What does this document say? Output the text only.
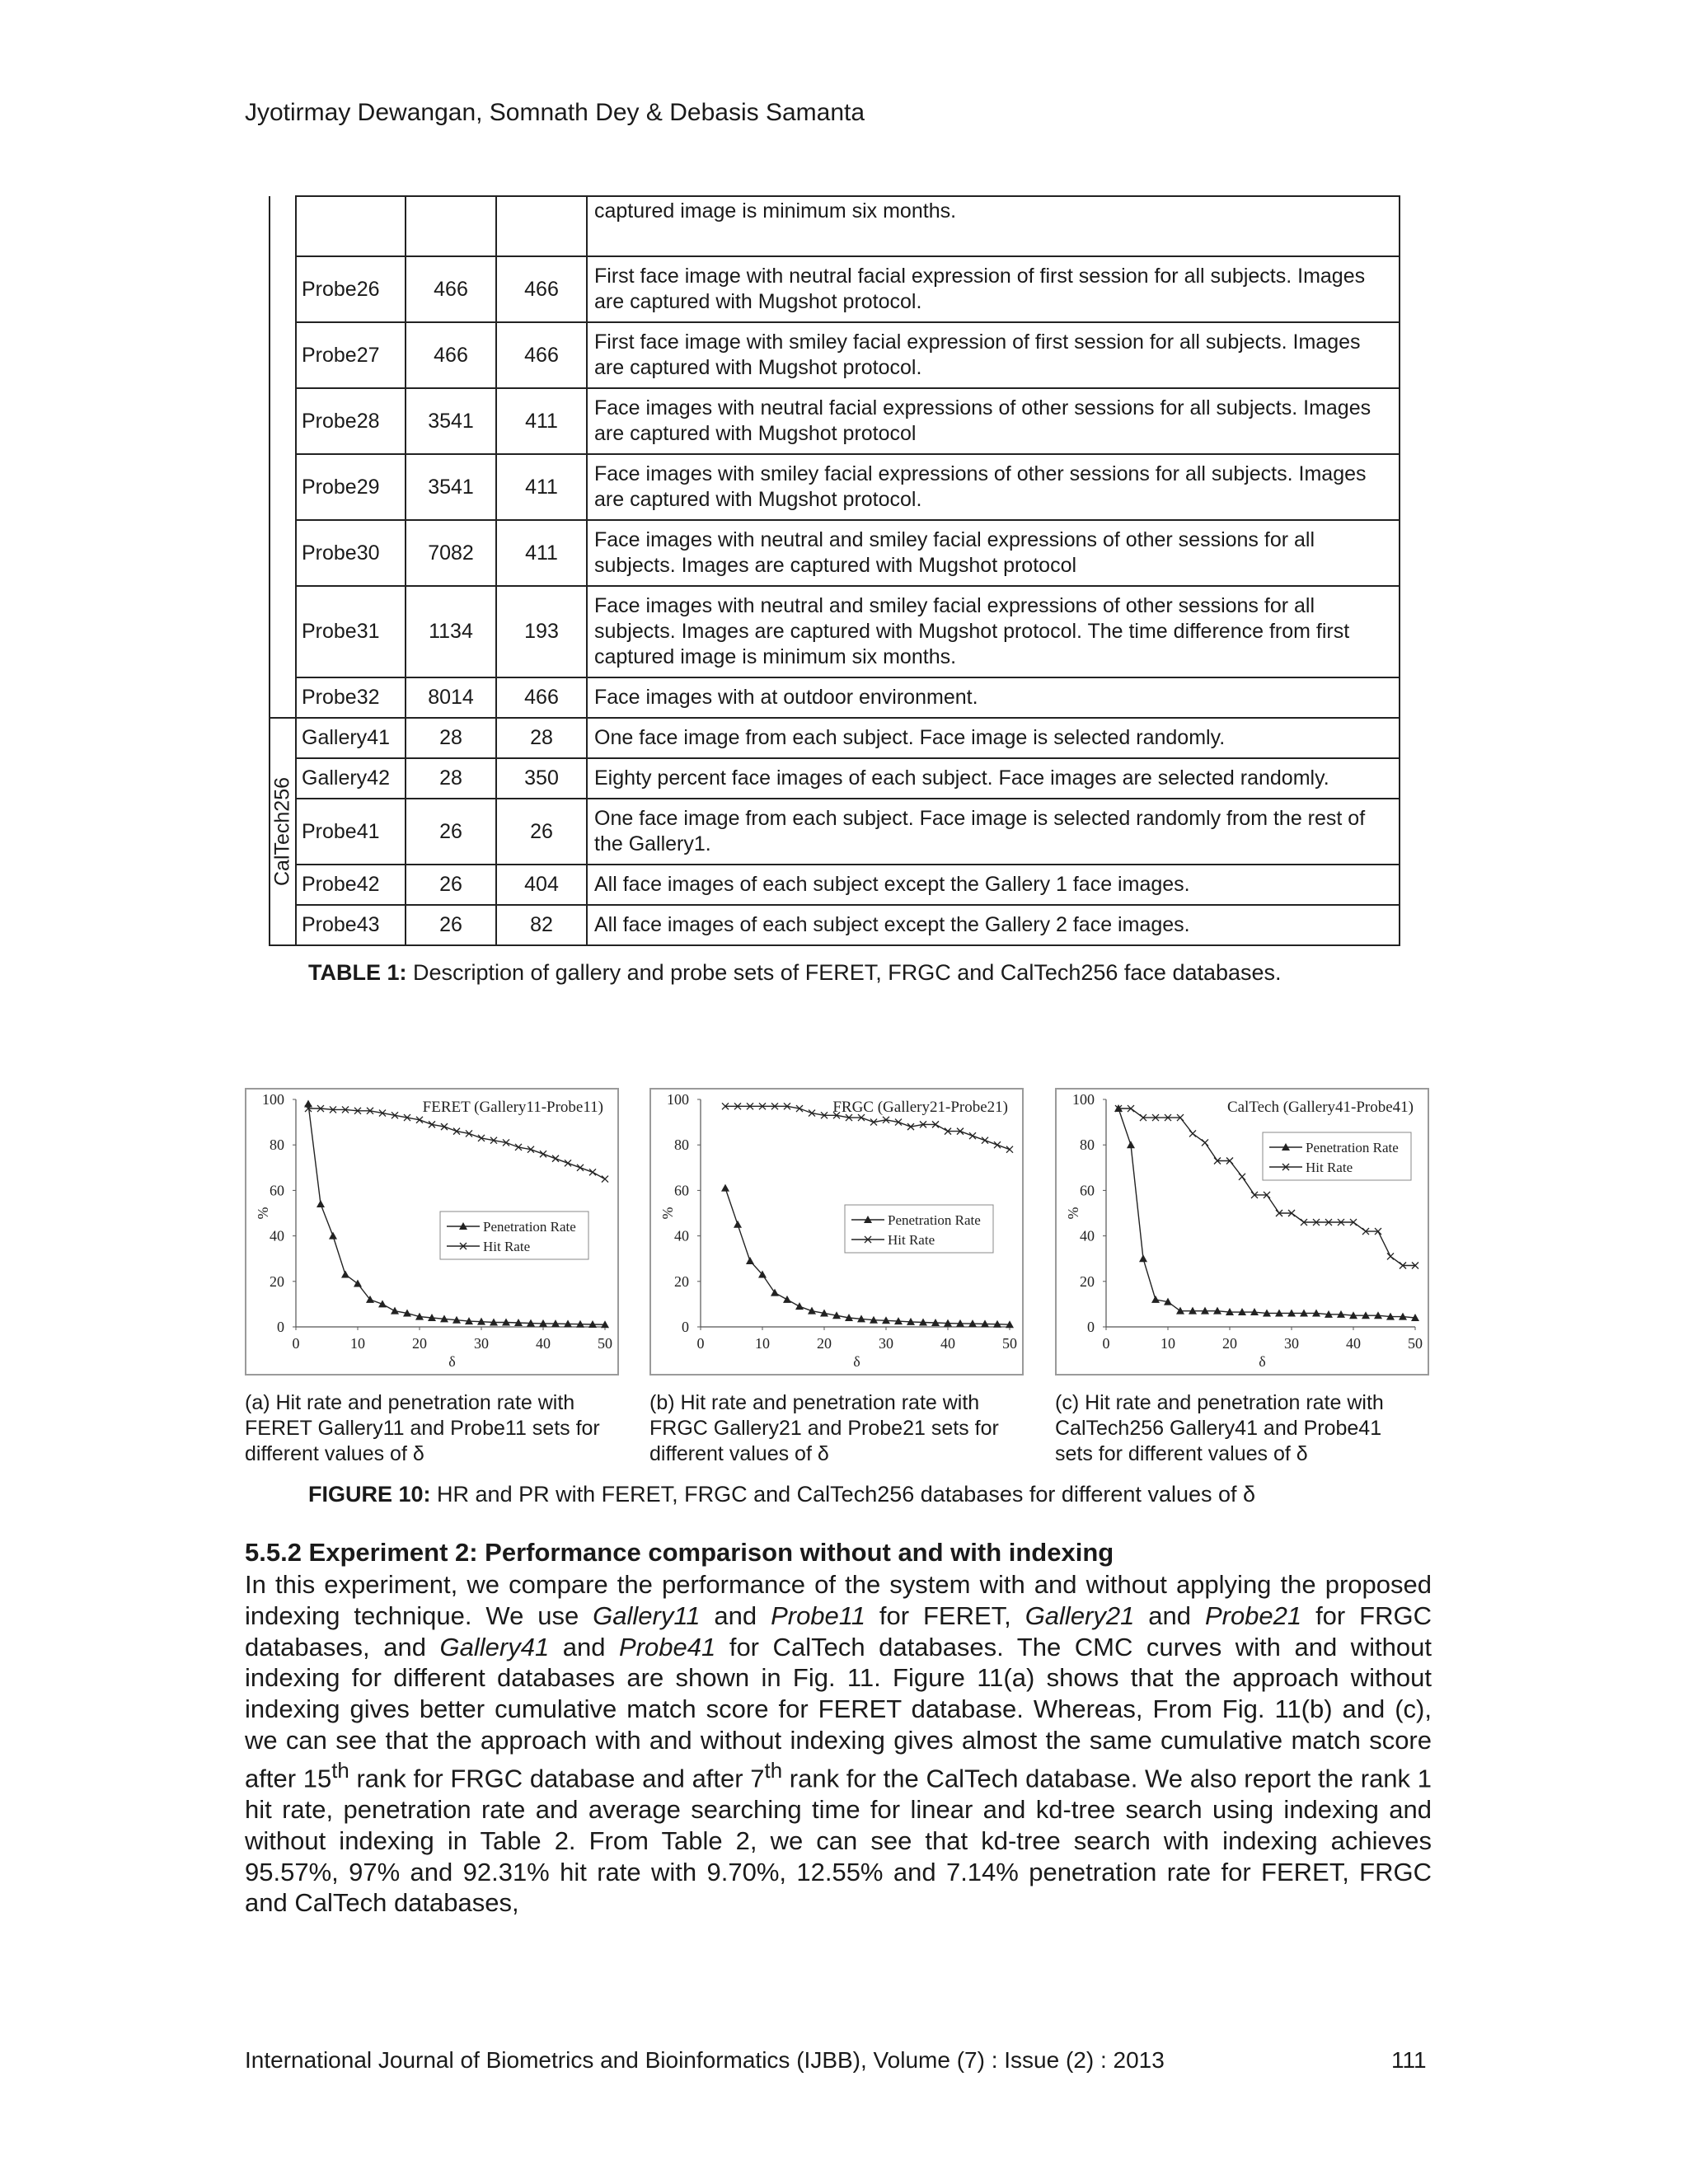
Jyotirmay Dewangan, Somnath Dey & Debasis Samanta
				captured image is minimum six months.
	Probe26	466	466	First face image with neutral facial expression of first session for all subjects. Images are captured with Mugshot protocol.
	Probe27	466	466	First face image with smiley facial expression of first session for all subjects. Images are captured with Mugshot protocol.
	Probe28	3541	411	Face images with neutral facial expressions of other sessions for all subjects. Images are captured with Mugshot protocol
	Probe29	3541	411	Face images with smiley facial expressions of other sessions for all subjects. Images are captured with Mugshot protocol.
	Probe30	7082	411	Face images with neutral and smiley facial expressions of other sessions for all subjects. Images are captured with Mugshot protocol
	Probe31	1134	193	Face images with neutral and smiley facial expressions of other sessions for all subjects. Images are captured with Mugshot protocol. The time difference from first captured image is minimum six months.
	Probe32	8014	466	Face images with at outdoor environment.

CalTech256	Gallery41	28	28	One face image from each subject. Face image is selected randomly.
	Gallery42	28	350	Eighty percent face images of each subject. Face images are selected randomly.
	Probe41	26	26	One face image from each subject. Face image is selected randomly from the rest of the Gallery1.
	Probe42	26	404	All face images of each subject except the Gallery 1 face images.
	Probe43	26	82	All face images of each subject except the Gallery 2 face images.
TABLE 1: Description of gallery and probe sets of FERET, FRGC and CalTech256 face databases.
0
20
40
60
80
100
0	10	20	30	40	50
δ
%
FERET (Gallery11-Probe11)
Penetration Rate
Hit Rate
0
20
40
60
80
100
0	10	20	30	40	50
δ
%
FRGC (Gallery21-Probe21)
Penetration Rate
Hit Rate
0
20
40
60
80
100
0	10	20	30	40	50
δ
%
CalTech (Gallery41-Probe41)
Penetration Rate
Hit Rate
(a) Hit rate and penetration rate with FERET Gallery11 and Probe11 sets for different values of δ
(b) Hit rate and penetration rate with FRGC Gallery21 and Probe21 sets for different values of δ
(c) Hit rate and penetration rate with CalTech256 Gallery41 and Probe41 sets for different values of δ
FIGURE 10: HR and PR with FERET, FRGC and CalTech256 databases for different values of δ
5.5.2 Experiment 2: Performance comparison without and with indexing
In this experiment, we compare the performance of the system with and without applying the proposed indexing technique. We use Gallery11 and Probe11 for FERET, Gallery21 and Probe21 for FRGC databases, and Gallery41 and Probe41 for CalTech databases. The CMC curves with and without indexing for different databases are shown in Fig. 11. Figure 11(a) shows that the approach without indexing gives better cumulative match score for FERET database. Whereas, From Fig. 11(b) and (c), we can see that the approach with and without indexing gives almost the same cumulative match score after 15th rank for FRGC database and after 7th rank for the CalTech database. We also report the rank 1 hit rate, penetration rate and average searching time for linear and kd-tree search using indexing and without indexing in Table 2. From Table 2, we can see that kd-tree search with indexing achieves 95.57%, 97% and 92.31% hit rate with 9.70%, 12.55% and 7.14% penetration rate for FERET, FRGC and CalTech databases,
International Journal of Biometrics and Bioinformatics (IJBB), Volume (7) : Issue (2) : 2013	111
